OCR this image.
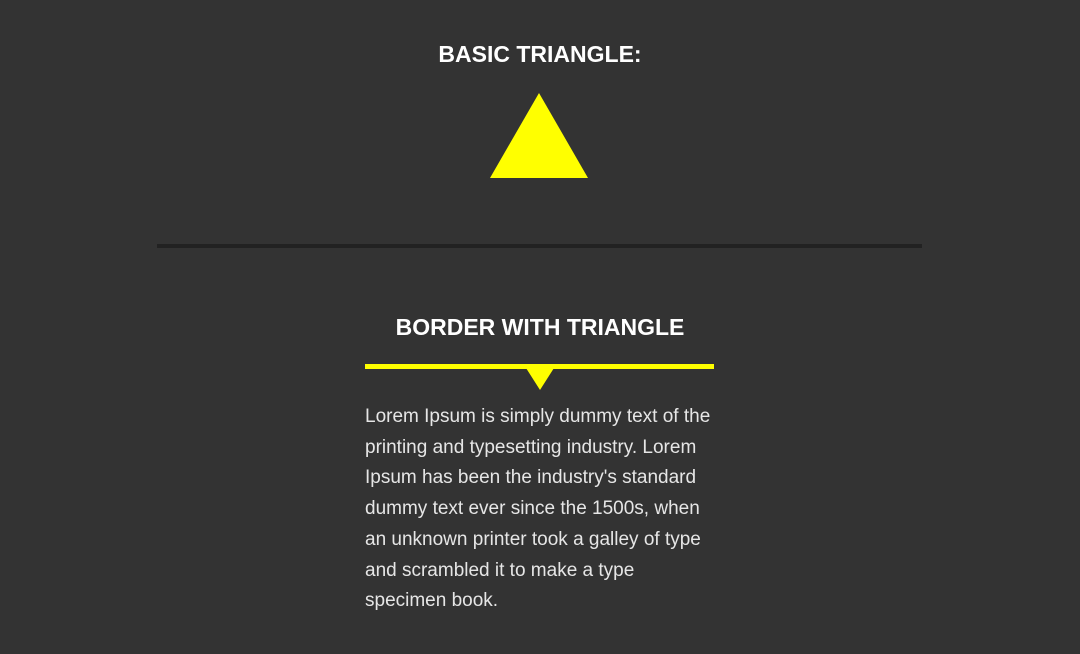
BASIC TRIANGLE:
BORDER WITH TRIANGLE

Lorem Ipsum is simply dummy text of the printing and typesetting industry. Lorem Ipsum has been the industry's standard dummy text ever since the 1500s, when an unknown printer took a galley of type and scrambled it to make a type specimen book.
